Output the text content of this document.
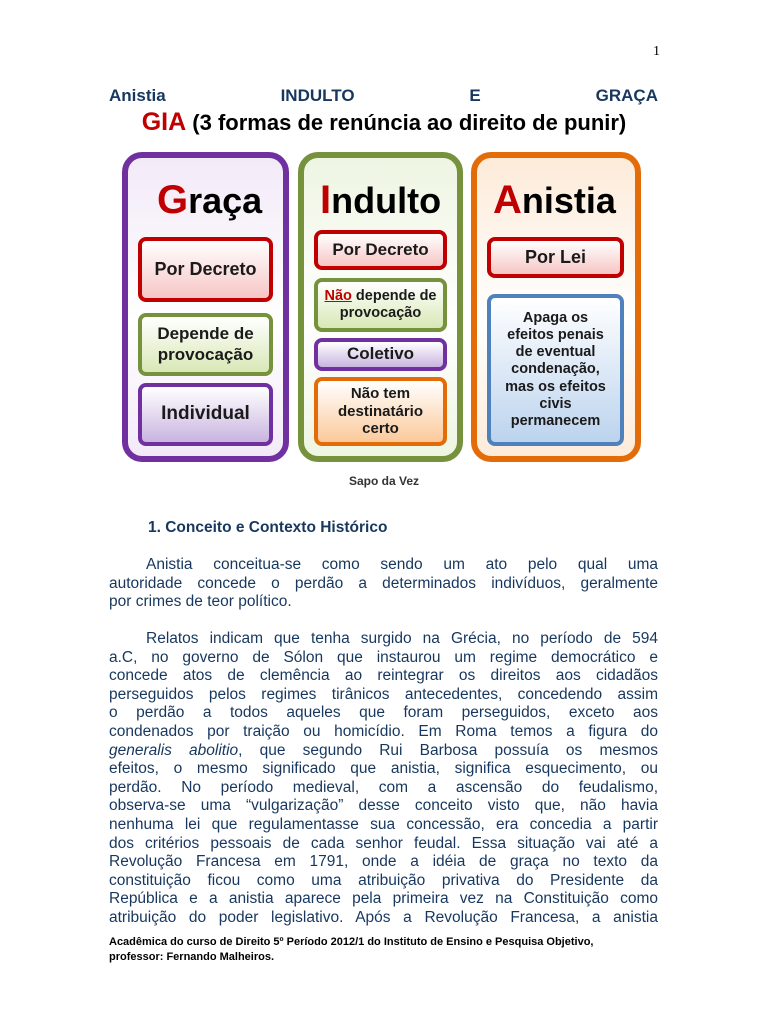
1
Anistia	INDULTO	E	GRAÇA
GIA (3 formas de renúncia ao direito de punir)
Graça
Por Decreto
Depende de provocação
Individual
Indulto
Por Decreto
Não depende de provocação
Coletivo
Não tem destinatário certo
Anistia
Por Lei
Apaga os efeitos penais de eventual condenação, mas os efeitos civis permanecem
Sapo da Vez
1. Conceito e Contexto Histórico
Anistia conceitua-se como sendo um ato pelo qual uma
autoridade concede o perdão a determinados indivíduos, geralmente
por crimes de teor político.
Relatos indicam que tenha surgido na Grécia, no período de 594
a.C, no governo de Sólon que instaurou um regime democrático e
concede atos de clemência ao reintegrar os direitos aos cidadãos
perseguidos pelos regimes tirânicos antecedentes, concedendo assim
o perdão a todos aqueles que foram perseguidos, exceto aos
condenados por traição ou homicídio. Em Roma temos a figura do
generalis abolitio, que segundo Rui Barbosa possuía os mesmos
efeitos, o mesmo significado que anistia, significa esquecimento, ou
perdão. No período medieval, com a ascensão do feudalismo,
observa-se uma “vulgarização” desse conceito visto que, não havia
nenhuma lei que regulamentasse sua concessão, era concedia a partir
dos critérios pessoais de cada senhor feudal. Essa situação vai até a
Revolução Francesa em 1791, onde a idéia de graça no texto da
constituição ficou como uma atribuição privativa do Presidente da
República e a anistia aparece pela primeira vez na Constituição como
atribuição do poder legislativo. Após a Revolução Francesa, a anistia
Acadêmica do curso de Direito 5º Período 2012/1 do Instituto de Ensino e Pesquisa Objetivo,
professor: Fernando Malheiros.
